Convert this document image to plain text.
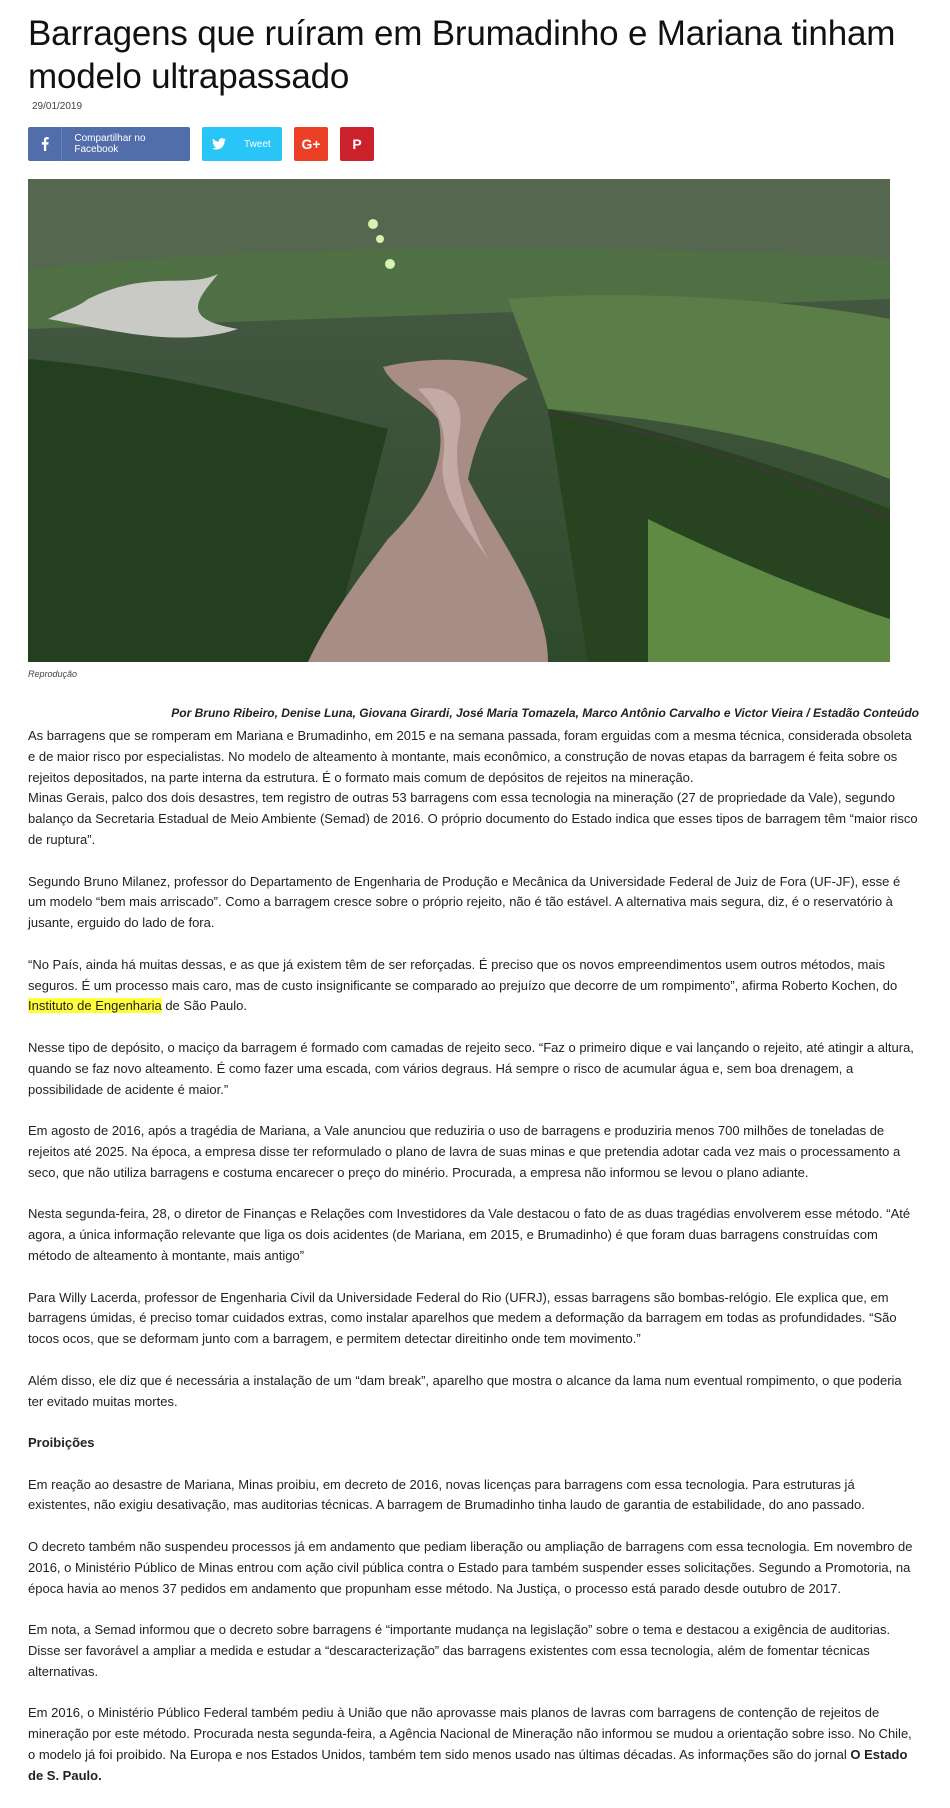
Barragens que ruíram em Brumadinho e Mariana tinham modelo ultrapassado
29/01/2019
Compartilhar no Facebook	Tweet	G+	P
Reprodução
Por Bruno Ribeiro, Denise Luna, Giovana Girardi, José Maria Tomazela, Marco Antônio Carvalho e Victor Vieira / Estadão Conteúdo

As barragens que se romperam em Mariana e Brumadinho, em 2015 e na semana passada, foram erguidas com a mesma técnica, considerada obsoleta e de maior risco por especialistas. No modelo de alteamento à montante, mais econômico, a construção de novas etapas da barragem é feita sobre os rejeitos depositados, na parte interna da estrutura. É o formato mais comum de depósitos de rejeitos na mineração.

Minas Gerais, palco dos dois desastres, tem registro de outras 53 barragens com essa tecnologia na mineração (27 de propriedade da Vale), segundo balanço da Secretaria Estadual de Meio Ambiente (Semad) de 2016. O próprio documento do Estado indica que esses tipos de barragem têm “maior risco de ruptura”.

Segundo Bruno Milanez, professor do Departamento de Engenharia de Produção e Mecânica da Universidade Federal de Juiz de Fora (UF-JF), esse é um modelo “bem mais arriscado”. Como a barragem cresce sobre o próprio rejeito, não é tão estável. A alternativa mais segura, diz, é o reservatório à jusante, erguido do lado de fora.

“No País, ainda há muitas dessas, e as que já existem têm de ser reforçadas. É preciso que os novos empreendimentos usem outros métodos, mais seguros. É um processo mais caro, mas de custo insignificante se comparado ao prejuízo que decorre de um rompimento”, afirma Roberto Kochen, do Instituto de Engenharia de São Paulo.

Nesse tipo de depósito, o maciço da barragem é formado com camadas de rejeito seco. “Faz o primeiro dique e vai lançando o rejeito, até atingir a altura, quando se faz novo alteamento. É como fazer uma escada, com vários degraus. Há sempre o risco de acumular água e, sem boa drenagem, a possibilidade de acidente é maior.”

Em agosto de 2016, após a tragédia de Mariana, a Vale anunciou que reduziria o uso de barragens e produziria menos 700 milhões de toneladas de rejeitos até 2025. Na época, a empresa disse ter reformulado o plano de lavra de suas minas e que pretendia adotar cada vez mais o processamento a seco, que não utiliza barragens e costuma encarecer o preço do minério. Procurada, a empresa não informou se levou o plano adiante.

Nesta segunda-feira, 28, o diretor de Finanças e Relações com Investidores da Vale destacou o fato de as duas tragédias envolverem esse método. “Até agora, a única informação relevante que liga os dois acidentes (de Mariana, em 2015, e Brumadinho) é que foram duas barragens construídas com método de alteamento à montante, mais antigo”

Para Willy Lacerda, professor de Engenharia Civil da Universidade Federal do Rio (UFRJ), essas barragens são bombas-relógio. Ele explica que, em barragens úmidas, é preciso tomar cuidados extras, como instalar aparelhos que medem a deformação da barragem em todas as profundidades. “São tocos ocos, que se deformam junto com a barragem, e permitem detectar direitinho onde tem movimento.”

Além disso, ele diz que é necessária a instalação de um “dam break”, aparelho que mostra o alcance da lama num eventual rompimento, o que poderia ter evitado muitas mortes.

Proibições

Em reação ao desastre de Mariana, Minas proibiu, em decreto de 2016, novas licenças para barragens com essa tecnologia. Para estruturas já existentes, não exigiu desativação, mas auditorias técnicas. A barragem de Brumadinho tinha laudo de garantia de estabilidade, do ano passado.

O decreto também não suspendeu processos já em andamento que pediam liberação ou ampliação de barragens com essa tecnologia. Em novembro de 2016, o Ministério Público de Minas entrou com ação civil pública contra o Estado para também suspender esses solicitações. Segundo a Promotoria, na época havia ao menos 37 pedidos em andamento que propunham esse método. Na Justiça, o processo está parado desde outubro de 2017.

Em nota, a Semad informou que o decreto sobre barragens é “importante mudança na legislação” sobre o tema e destacou a exigência de auditorias. Disse ser favorável a ampliar a medida e estudar a “descaracterização” das barragens existentes com essa tecnologia, além de fomentar técnicas alternativas.

Em 2016, o Ministério Público Federal também pediu à União que não aprovasse mais planos de lavras com barragens de contenção de rejeitos de mineração por este método. Procurada nesta segunda-feira, a Agência Nacional de Mineração não informou se mudou a orientação sobre isso. No Chile, o modelo já foi proibido. Na Europa e nos Estados Unidos, também tem sido menos usado nas últimas décadas. As informações são do jornal O Estado de S. Paulo.
